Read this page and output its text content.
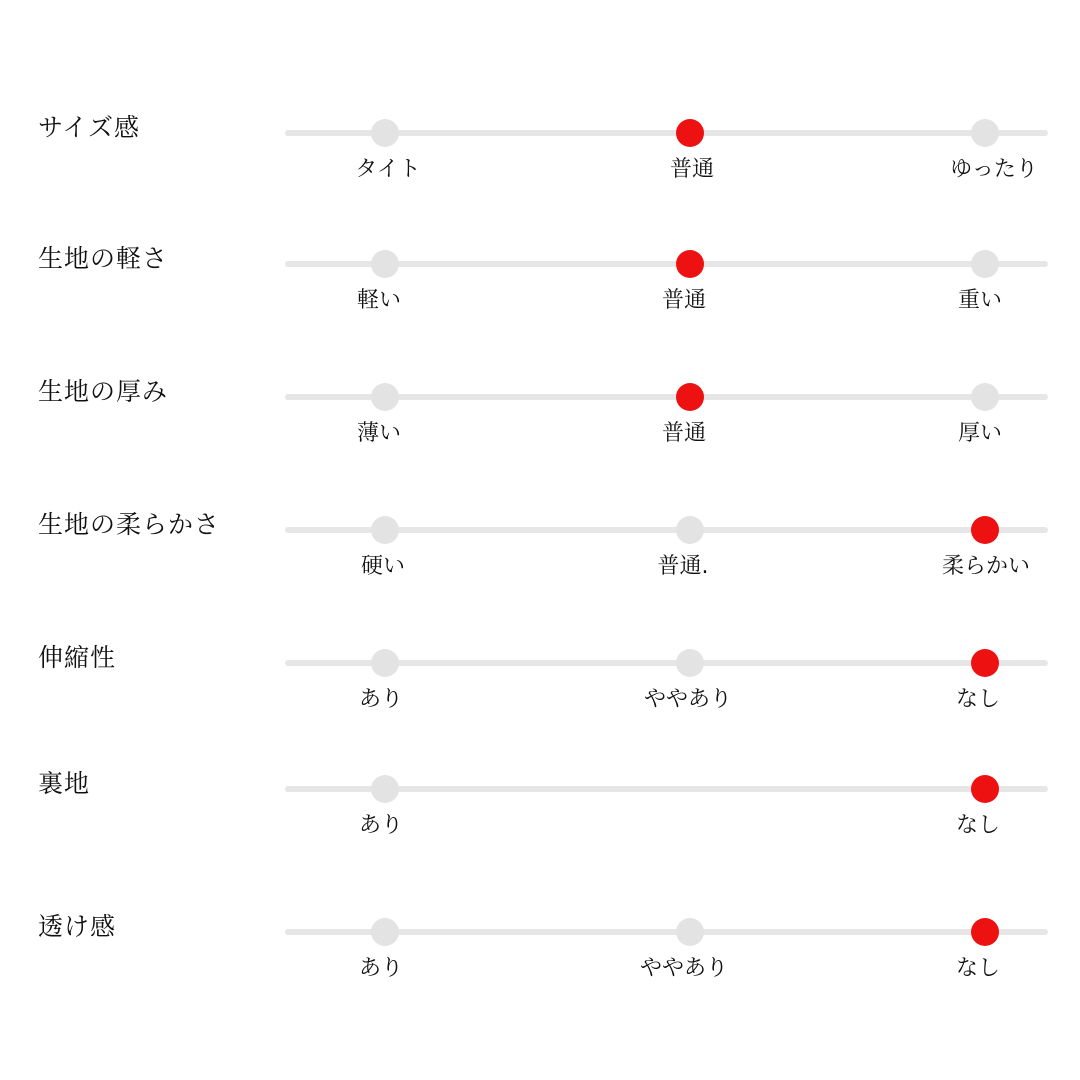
サイズ感
タイト	普通	ゆったり
生地の軽さ
軽い	普通	重い
生地の厚み
薄い	普通	厚い
生地の柔らかさ
硬い	普通.	柔らかい
伸縮性
あり	ややあり	なし
裏地
あり	なし
透け感
あり	ややあり	なし
